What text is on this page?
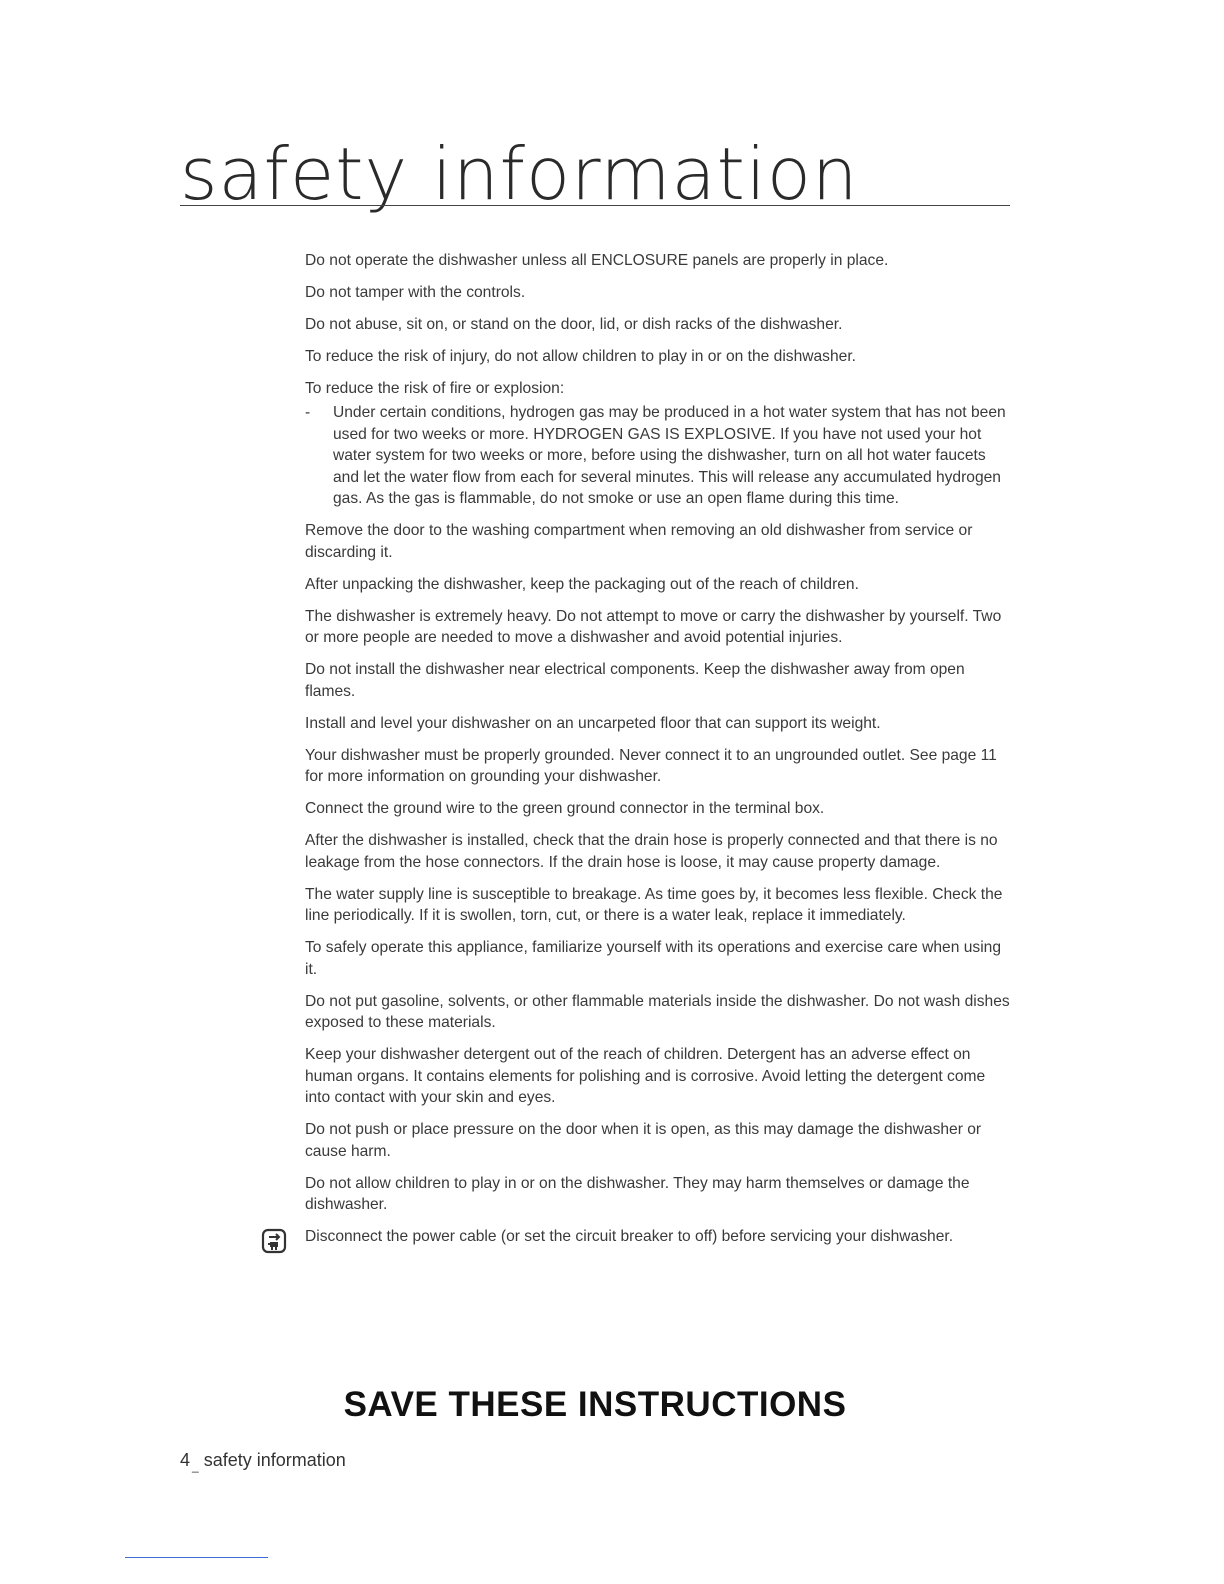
safety information

Do not operate the dishwasher unless all ENCLOSURE panels are properly in place.

Do not tamper with the controls.

Do not abuse, sit on, or stand on the door, lid, or dish racks of the dishwasher.

To reduce the risk of injury, do not allow children to play in or on the dishwasher.

To reduce the risk of fire or explosion:

-	Under certain conditions, hydrogen gas may be produced in a hot water system that has not been used for two weeks or more. HYDROGEN GAS IS EXPLOSIVE. If you have not used your hot water system for two weeks or more, before using the dishwasher, turn on all hot water faucets and let the water flow from each for several minutes. This will release any accumulated hydrogen gas. As the gas is flammable, do not smoke or use an open flame during this time.

Remove the door to the washing compartment when removing an old dishwasher from service or discarding it.

After unpacking the dishwasher, keep the packaging out of the reach of children.

The dishwasher is extremely heavy. Do not attempt to move or carry the dishwasher by yourself. Two or more people are needed to move a dishwasher and avoid potential injuries.

Do not install the dishwasher near electrical components. Keep the dishwasher away from open flames.

Install and level your dishwasher on an uncarpeted floor that can support its weight.

Your dishwasher must be properly grounded. Never connect it to an ungrounded outlet. See page 11 for more information on grounding your dishwasher.

Connect the ground wire to the green ground connector in the terminal box.

After the dishwasher is installed, check that the drain hose is properly connected and that there is no leakage from the hose connectors. If the drain hose is loose, it may cause property damage.

The water supply line is susceptible to breakage. As time goes by, it becomes less flexible. Check the line periodically. If it is swollen, torn, cut, or there is a water leak, replace it immediately.

To safely operate this appliance, familiarize yourself with its operations and exercise care when using it.

Do not put gasoline, solvents, or other flammable materials inside the dishwasher. Do not wash dishes exposed to these materials.

Keep your dishwasher detergent out of the reach of children. Detergent has an adverse effect on human organs. It contains elements for polishing and is corrosive. Avoid letting the detergent come into contact with your skin and eyes.

Do not push or place pressure on the door when it is open, as this may damage the dishwasher or cause harm.

Do not allow children to play in or on the dishwasher. They may harm themselves or damage the dishwasher.

Disconnect the power cable (or set the circuit breaker to off) before servicing your dishwasher.
SAVE THESE INSTRUCTIONS
4 $_{\_}$ safety information
